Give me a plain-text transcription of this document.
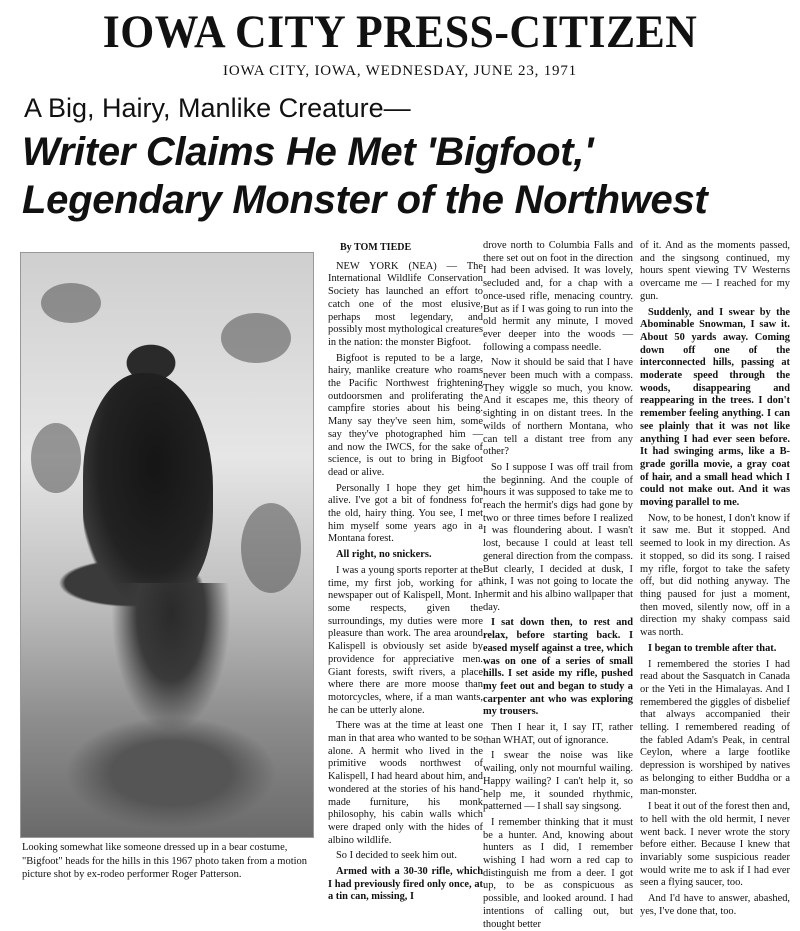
IOWA CITY PRESS-CITIZEN
IOWA CITY, IOWA, WEDNESDAY, JUNE 23, 1971
A Big, Hairy, Manlike Creature—
Writer Claims He Met 'Bigfoot,'
Legendary Monster of the Northwest
Looking somewhat like someone dressed up in a bear costume, "Bigfoot" heads for the hills in this 1967 photo taken from a motion picture shot by ex-rodeo performer Roger Patterson.

By TOM TIEDE

NEW YORK (NEA) — The International Wildlife Conservation Society has launched an effort to catch one of the most elusive, perhaps most legendary, and possibly most mythological creatures in the nation: the monster Bigfoot.

Bigfoot is reputed to be a large, hairy, manlike creature who roams the Pacific Northwest frightening outdoorsmen and proliferating the campfire stories about his being. Many say they've seen him, some say they've photographed him — and now the IWCS, for the sake of science, is out to bring in Bigfoot dead or alive.

Personally I hope they get him alive. I've got a bit of fondness for the old, hairy thing. You see, I met him myself some years ago in a Montana forest.

All right, no snickers.

I was a young sports reporter at the time, my first job, working for a newspaper out of Kalispell, Mont. In some respects, given the surroundings, my duties were more pleasure than work. The area around Kalispell is obviously set aside by providence for appreciative men. Giant forests, swift rivers, a place where there are more moose than motorcycles, where, if a man wants, he can be utterly alone.

There was at the time at least one man in that area who wanted to be so alone. A hermit who lived in the primitive woods northwest of Kalispell, I had heard about him, and wondered at the stories of his hand-made furniture, his monk philosophy, his cabin walls which were draped only with the hides of albino wildlife.

So I decided to seek him out.

Armed with a 30-30 rifle, which I had previously fired only once, at a tin can, missing, I

drove north to Columbia Falls and there set out on foot in the direction I had been advised. It was lovely, secluded and, for a chap with a once-used rifle, menacing country. But as if I was going to run into the old hermit any minute, I moved ever deeper into the woods — following a compass needle.

Now it should be said that I have never been much with a compass. They wiggle so much, you know. And it escapes me, this theory of sighting in on distant trees. In the wilds of northern Montana, who can tell a distant tree from any other?

So I suppose I was off trail from the beginning. And the couple of hours it was supposed to take me to reach the hermit's digs had gone by two or three times before I realized I was floundering about. I wasn't lost, because I could at least tell general direction from the compass. But clearly, I decided at dusk, I think, I was not going to locate the hermit and his albino wallpaper that day.

I sat down then, to rest and relax, before starting back. I eased myself against a tree, which was on one of a series of small hills. I set aside my rifle, pushed my feet out and began to study a carpenter ant who was exploring my trousers.

Then I hear it, I say IT, rather than WHAT, out of ignorance.

I swear the noise was like wailing, only not mournful wailing. Happy wailing? I can't help it, so help me, it sounded rhythmic, patterned — I shall say singsong.

I remember thinking that it must be a hunter. And, knowing about hunters as I did, I remember wishing I had worn a red cap to distinguish me from a deer. I got up, to be as conspicuous as possible, and looked around. I had intentions of calling out, but thought better

of it. And as the moments passed, and the singsong continued, my hours spent viewing TV Westerns overcame me — I reached for my gun.

Suddenly, and I swear by the Abominable Snowman, I saw it. About 50 yards away. Coming down off one of the interconnected hills, passing at moderate speed through the woods, disappearing and reappearing in the trees. I don't remember feeling anything. I can see plainly that it was not like anything I had ever seen before. It had swinging arms, like a B-grade gorilla movie, a gray coat of hair, and a small head which I could not make out. And it was moving parallel to me.

Now, to be honest, I don't know if it saw me. But it stopped. And seemed to look in my direction. As it stopped, so did its song. I raised my rifle, forgot to take the safety off, but did nothing anyway. The thing paused for just a moment, then moved, silently now, off in a direction my shaky compass said was north.

I began to tremble after that.

I remembered the stories I had read about the Sasquatch in Canada or the Yeti in the Himalayas. And I remembered the giggles of disbelief that always accompanied their telling. I remembered reading of the fabled Adam's Peak, in central Ceylon, where a large footlike depression is worshiped by natives as belonging to either Buddha or a man-monster.

I beat it out of the forest then and, to hell with the old hermit, I never went back. I never wrote the story before either. Because I knew that invariably some suspicious reader would write me to ask if I had ever seen a flying saucer, too.

And I'd have to answer, abashed, yes, I've done that, too.
